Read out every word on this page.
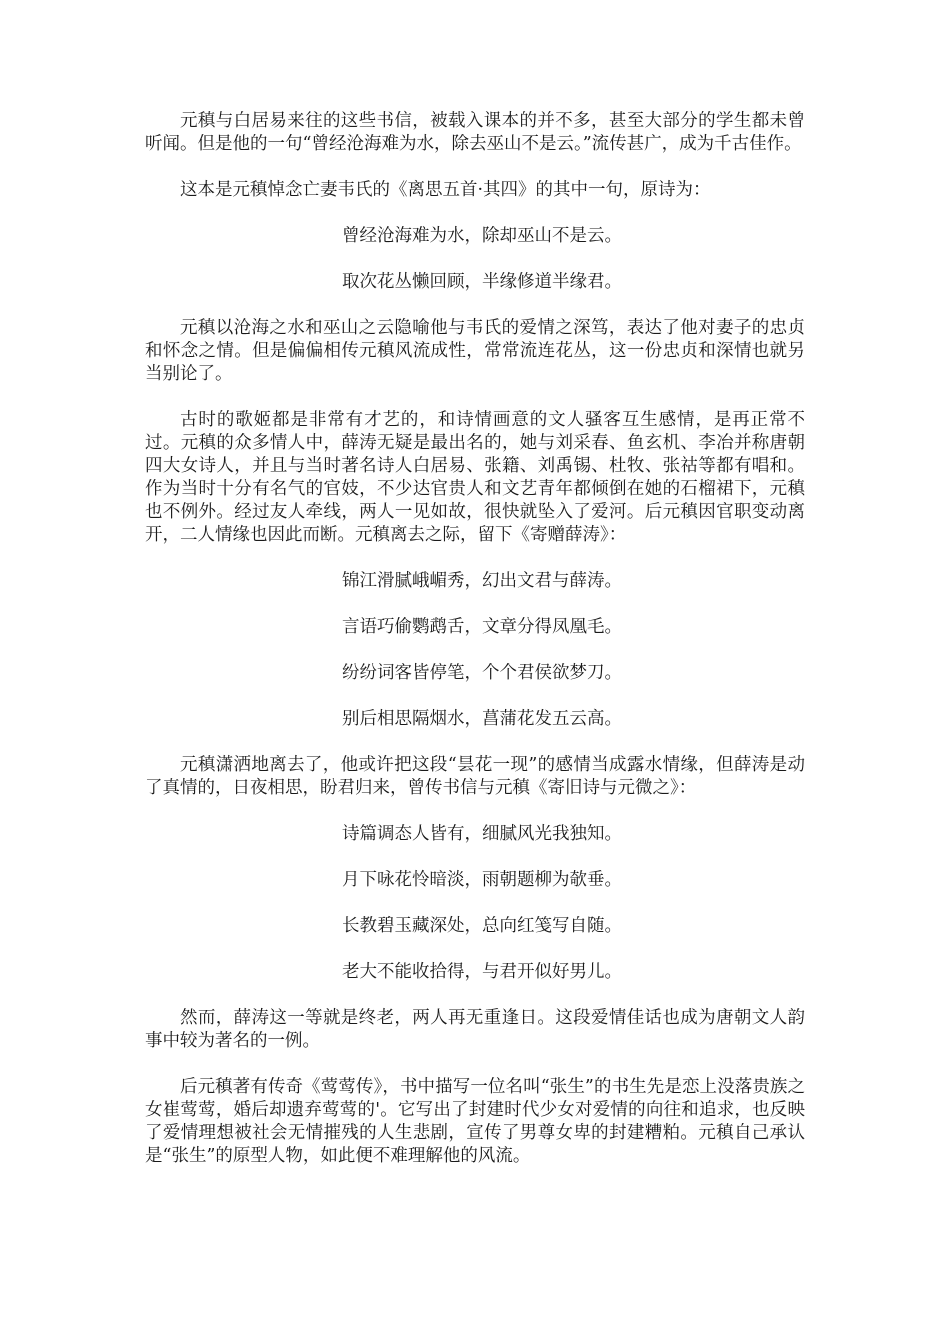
元稹与白居易来往的这些书信，被载入课本的并不多，甚至大部分的学生都未曾听闻。但是他的一句“曾经沧海难为水，除去巫山不是云。”流传甚广，成为千古佳作。

这本是元稹悼念亡妻韦氏的《离思五首·其四》的其中一句，原诗为：

曾经沧海难为水，除却巫山不是云。

取次花丛懒回顾，半缘修道半缘君。

元稹以沧海之水和巫山之云隐喻他与韦氏的爱情之深笃，表达了他对妻子的忠贞和怀念之情。但是偏偏相传元稹风流成性，常常流连花丛，这一份忠贞和深情也就另当别论了。

古时的歌姬都是非常有才艺的，和诗情画意的文人骚客互生感情，是再正常不过。元稹的众多情人中，薛涛无疑是最出名的，她与刘采春、鱼玄机、李冶并称唐朝四大女诗人，并且与当时著名诗人白居易、张籍、刘禹锡、杜牧、张祜等都有唱和。作为当时十分有名气的官妓，不少达官贵人和文艺青年都倾倒在她的石榴裙下，元稹也不例外。经过友人牵线，两人一见如故，很快就坠入了爱河。后元稹因官职变动离开，二人情缘也因此而断。元稹离去之际，留下《寄赠薛涛》：

锦江滑腻峨嵋秀，幻出文君与薛涛。

言语巧偷鹦鹉舌，文章分得凤凰毛。

纷纷词客皆停笔，个个君侯欲梦刀。

别后相思隔烟水，菖蒲花发五云高。

元稹潇洒地离去了，他或许把这段“昙花一现”的感情当成露水情缘，但薛涛是动了真情的，日夜相思，盼君归来，曾传书信与元稹《寄旧诗与元微之》：

诗篇调态人皆有，细腻风光我独知。

月下咏花怜暗淡，雨朝题柳为欹垂。

长教碧玉藏深处，总向红笺写自随。

老大不能收拾得，与君开似好男儿。

然而，薛涛这一等就是终老，两人再无重逢日。这段爱情佳话也成为唐朝文人韵事中较为著名的一例。

后元稹著有传奇《莺莺传》，书中描写一位名叫“张生”的书生先是恋上没落贵族之女崔莺莺，婚后却遗弃莺莺的'。它写出了封建时代少女对爱情的向往和追求，也反映了爱情理想被社会无情摧残的人生悲剧，宣传了男尊女卑的封建糟粕。元稹自己承认是“张生”的原型人物，如此便不难理解他的风流。
